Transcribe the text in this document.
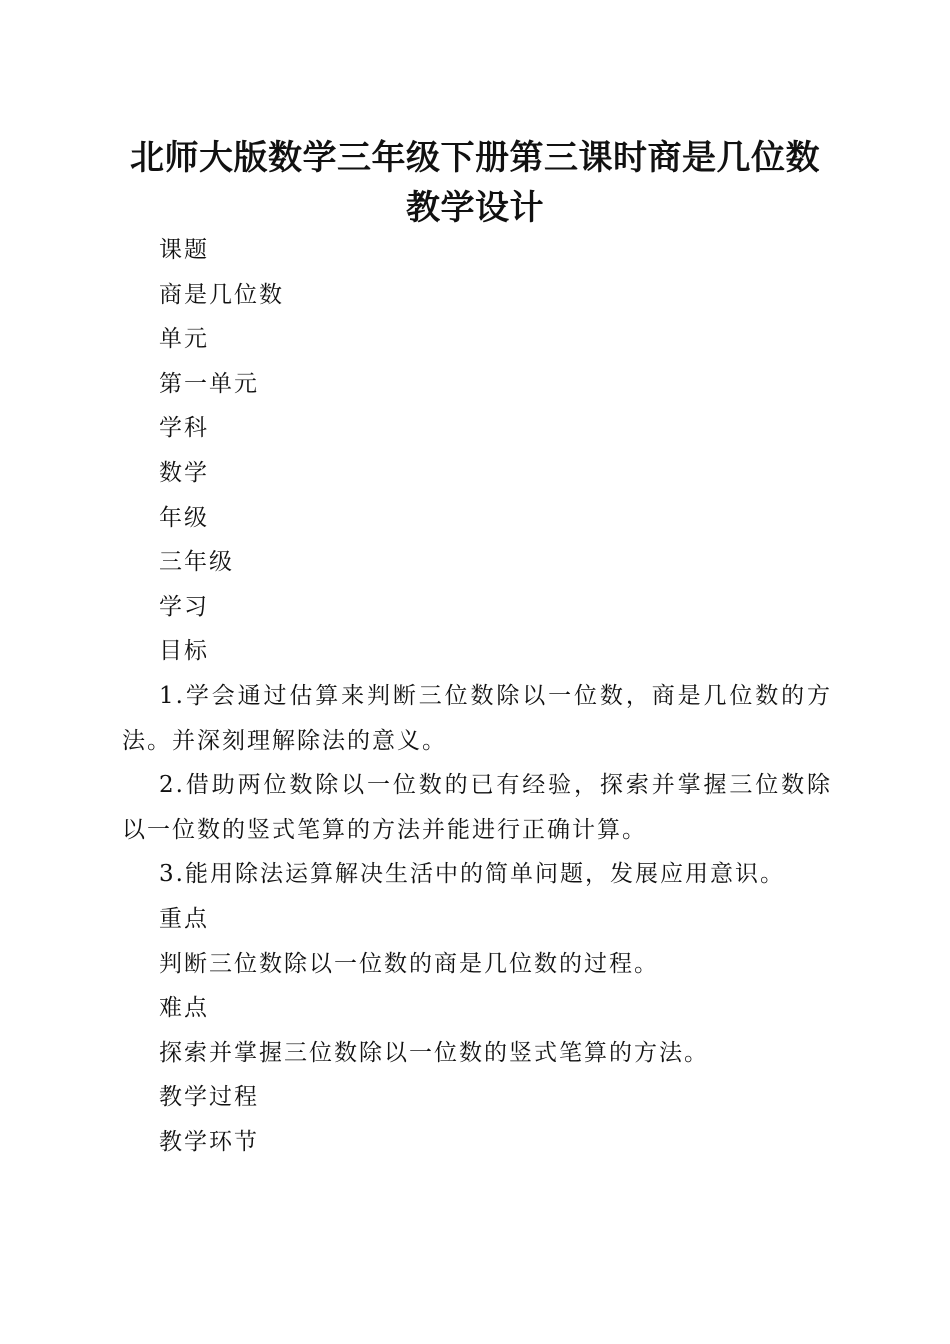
北师大版数学三年级下册第三课时商是几位数
教学设计

课题

商是几位数

单元

第一单元

学科

数学

年级

三年级

学习

目标

1.学会通过估算来判断三位数除以一位数，商是几位数的方法。并深刻理解除法的意义。

2.借助两位数除以一位数的已有经验，探索并掌握三位数除以一位数的竖式笔算的方法并能进行正确计算。

3.能用除法运算解决生活中的简单问题，发展应用意识。

重点

判断三位数除以一位数的商是几位数的过程。

难点

探索并掌握三位数除以一位数的竖式笔算的方法。

教学过程

教学环节
